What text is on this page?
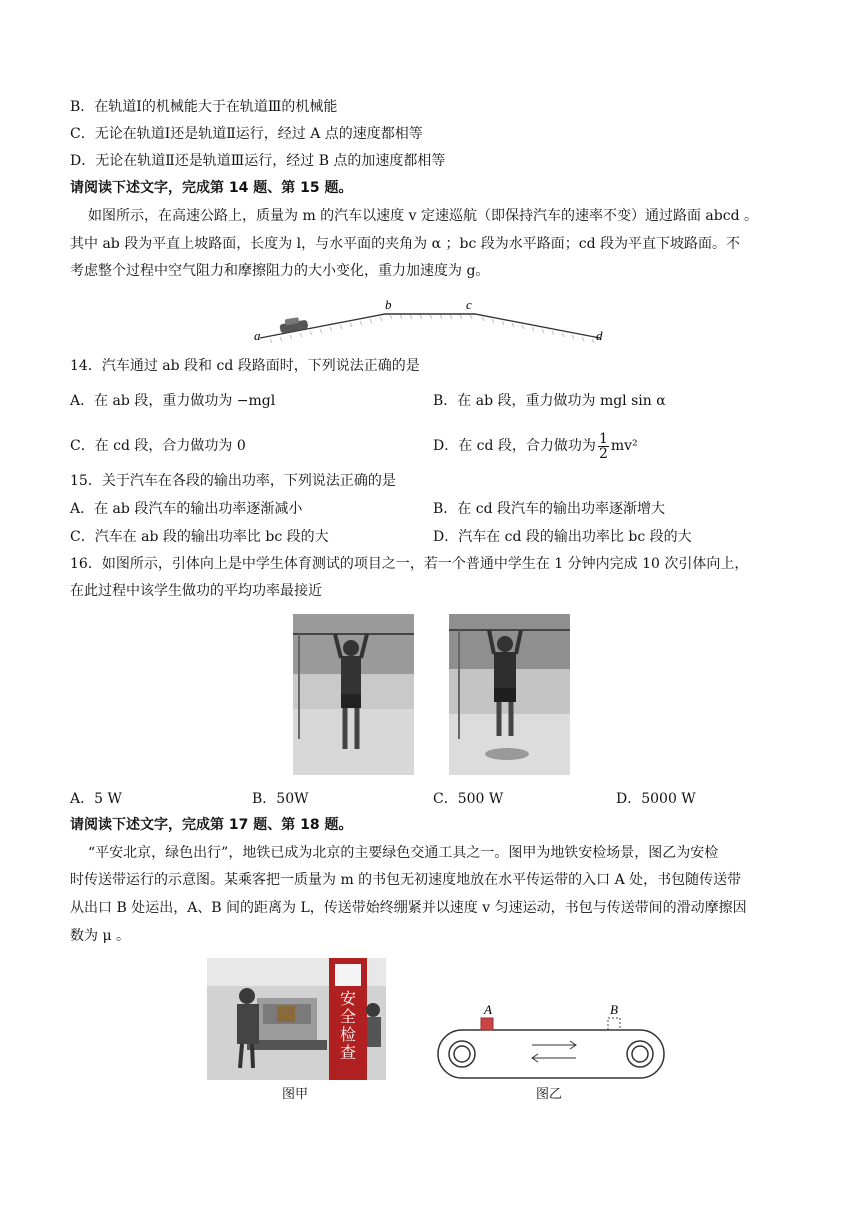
B．在轨道Ⅰ的机械能大于在轨道Ⅲ的机械能
C．无论在轨道Ⅰ还是轨道Ⅱ运行，经过 A 点的速度都相等
D．无论在轨道Ⅱ还是轨道Ⅲ运行，经过 B 点的加速度都相等
请阅读下述文字，完成第 14 题、第 15 题。
如图所示，在高速公路上，质量为 m 的汽车以速度 v 定速巡航（即保持汽车的速率不变）通过路面 abcd 。
其中 ab 段为平直上坡路面，长度为 l，与水平面的夹角为 α ；bc 段为水平路面；cd 段为平直下坡路面。不
考虑整个过程中空气阻力和摩擦阻力的大小变化，重力加速度为 g。
a
b	c
d
14．汽车通过 ab 段和 cd 段路面时，下列说法正确的是
A．在 ab 段，重力做功为 −mgl	B．在 ab 段，重力做功为 mgl sin α
C．在 cd 段，合力做功为 0	D．在 cd 段，合力做功为 $\frac{1}{2} mv^2$
15．关于汽车在各段的输出功率，下列说法正确的是
A．在 ab 段汽车的输出功率逐渐减小	B．在 cd 段汽车的输出功率逐渐增大
C．汽车在 ab 段的输出功率比 bc 段的大	D．汽车在 cd 段的输出功率比 bc 段的大
16．如图所示，引体向上是中学生体育测试的项目之一，若一个普通中学生在 1 分钟内完成 10 次引体向上，
在此过程中该学生做功的平均功率最接近
A．5 W	B．50W	C．500 W	D．5000 W
请阅读下述文字，完成第 17 题、第 18 题。
“平安北京，绿色出行”，地铁已成为北京的主要绿色交通工具之一。图甲为地铁安检场景，图乙为安检
时传送带运行的示意图。某乘客把一质量为 m 的书包无初速度地放在水平传运带的入口 A 处，书包随传送带
从出口 B 处运出，A、B 间的距离为 L，传送带始终绷紧并以速度 v 匀速运动，书包与传送带间的滑动摩擦因
数为 μ 。
安
全
检
查
图甲
A	B
图乙
